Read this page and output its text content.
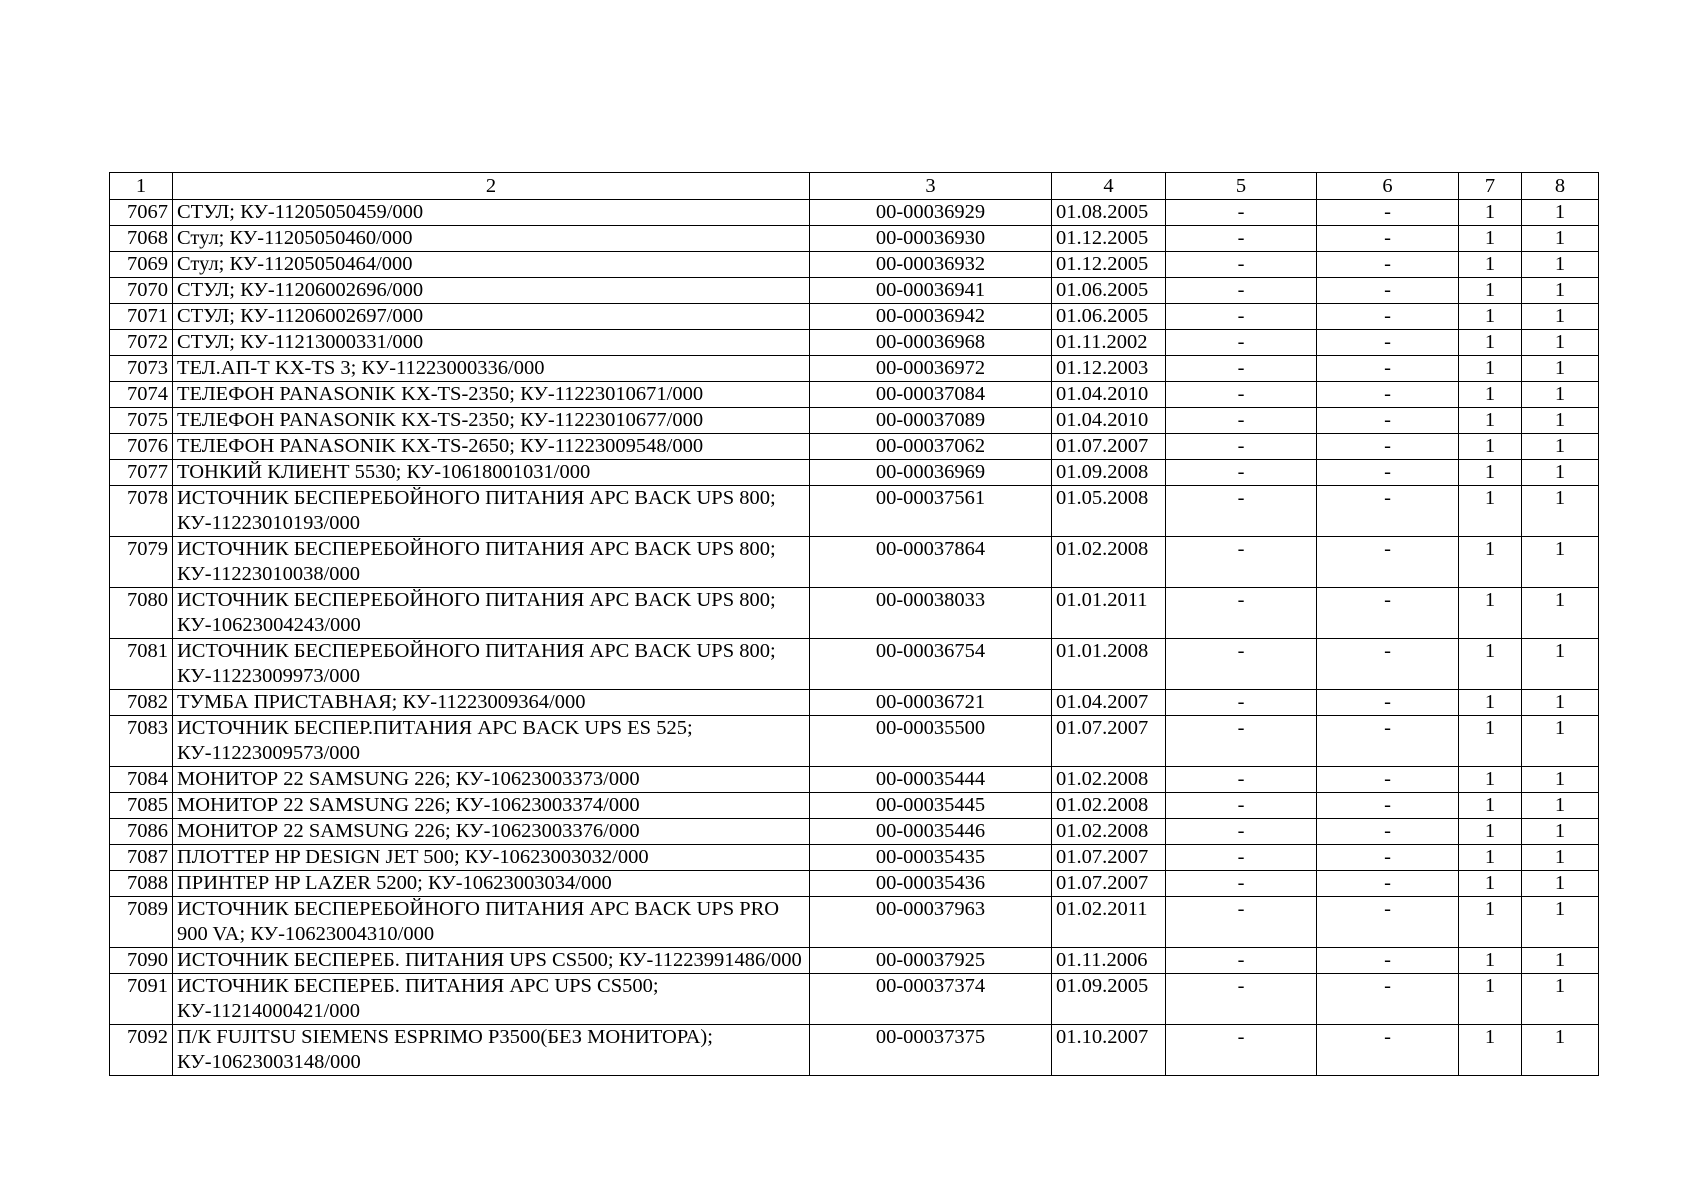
1	2	3	4	5	6	7	8
7067	СТУЛ; КУ-11205050459/000	00-00036929	01.08.2005	-	-	1	1
7068	Стул; КУ-11205050460/000	00-00036930	01.12.2005	-	-	1	1
7069	Стул; КУ-11205050464/000	00-00036932	01.12.2005	-	-	1	1
7070	СТУЛ; КУ-11206002696/000	00-00036941	01.06.2005	-	-	1	1
7071	СТУЛ; КУ-11206002697/000	00-00036942	01.06.2005	-	-	1	1
7072	СТУЛ; КУ-11213000331/000	00-00036968	01.11.2002	-	-	1	1
7073	ТЕЛ.АП-Т KX-TS 3; КУ-11223000336/000	00-00036972	01.12.2003	-	-	1	1
7074	ТЕЛЕФОН PANASONIK KX-TS-2350; КУ-11223010671/000	00-00037084	01.04.2010	-	-	1	1
7075	ТЕЛЕФОН PANASONIK KX-TS-2350; КУ-11223010677/000	00-00037089	01.04.2010	-	-	1	1
7076	ТЕЛЕФОН PANASONIK KX-TS-2650; КУ-11223009548/000	00-00037062	01.07.2007	-	-	1	1
7077	ТОНКИЙ КЛИЕНТ 5530; КУ-10618001031/000	00-00036969	01.09.2008	-	-	1	1
7078	ИСТОЧНИК БЕСПЕРЕБОЙНОГО ПИТАНИЯ APC BACK UPS 800; КУ-11223010193/000	00-00037561	01.05.2008	-	-	1	1
7079	ИСТОЧНИК БЕСПЕРЕБОЙНОГО ПИТАНИЯ APC BACK UPS 800; КУ-11223010038/000	00-00037864	01.02.2008	-	-	1	1
7080	ИСТОЧНИК БЕСПЕРЕБОЙНОГО ПИТАНИЯ APC BACK UPS 800; КУ-10623004243/000	00-00038033	01.01.2011	-	-	1	1
7081	ИСТОЧНИК БЕСПЕРЕБОЙНОГО ПИТАНИЯ APC BACK UPS 800; КУ-11223009973/000	00-00036754	01.01.2008	-	-	1	1
7082	ТУМБА ПРИСТАВНАЯ; КУ-11223009364/000	00-00036721	01.04.2007	-	-	1	1
7083	ИСТОЧНИК БЕСПЕР.ПИТАНИЯ APC BACK UPS ES 525; КУ-11223009573/000	00-00035500	01.07.2007	-	-	1	1
7084	МОНИТОР 22 SAMSUNG 226; КУ-10623003373/000	00-00035444	01.02.2008	-	-	1	1
7085	МОНИТОР 22 SAMSUNG 226; КУ-10623003374/000	00-00035445	01.02.2008	-	-	1	1
7086	МОНИТОР 22 SAMSUNG 226; КУ-10623003376/000	00-00035446	01.02.2008	-	-	1	1
7087	ПЛОТТЕР HP DESIGN JET 500; КУ-10623003032/000	00-00035435	01.07.2007	-	-	1	1
7088	ПРИНТЕР HP LAZER 5200; КУ-10623003034/000	00-00035436	01.07.2007	-	-	1	1
7089	ИСТОЧНИК БЕСПЕРЕБОЙНОГО ПИТАНИЯ APC BACK UPS PRO 900 VA; КУ-10623004310/000	00-00037963	01.02.2011	-	-	1	1
7090	ИСТОЧНИК БЕСПЕРЕБ. ПИТАНИЯ UPS CS500; КУ-11223991486/000	00-00037925	01.11.2006	-	-	1	1
7091	ИСТОЧНИК БЕСПЕРЕБ. ПИТАНИЯ APC UPS CS500; КУ-11214000421/000	00-00037374	01.09.2005	-	-	1	1
7092	П/К FUJITSU SIEMENS ESPRIMO P3500(БЕЗ МОНИТОРА); КУ-10623003148/000	00-00037375	01.10.2007	-	-	1	1
